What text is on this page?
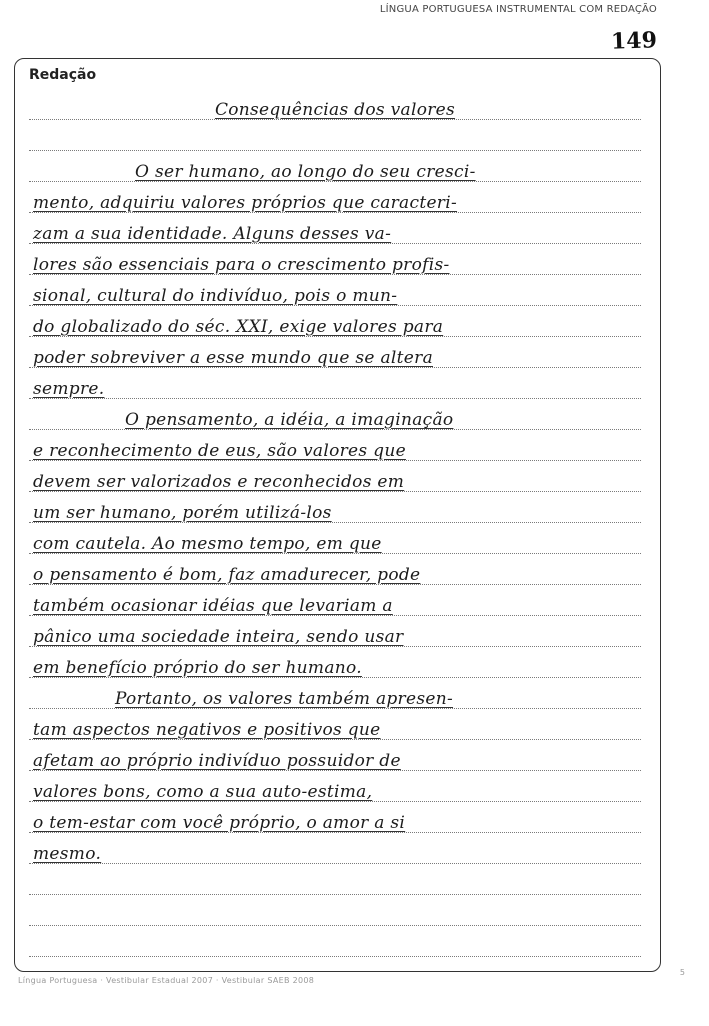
LÍNGUA PORTUGUESA INSTRUMENTAL COM REDAÇÃO
149
Redação
Consequências dos valores
O ser humano, ao longo do seu cresci-
mento, adquiriu valores próprios que caracteri-
zam a sua identidade. Alguns desses va-
lores são essenciais para o crescimento profis-
sional, cultural do indivíduo, pois o mun-
do globalizado do séc. XXI, exige valores para
poder sobreviver a esse mundo que se altera
sempre.
O pensamento, a idéia, a imaginação
e reconhecimento de eus, são valores que
devem ser valorizados e reconhecidos em
um ser humano, porém utilizá-los
com cautela. Ao mesmo tempo, em que
o pensamento é bom, faz amadurecer, pode
também ocasionar idéias que levariam a
pânico uma sociedade inteira, sendo usar
em benefício próprio do ser humano.
Portanto, os valores também apresen-
tam aspectos negativos e positivos que
afetam ao próprio indivíduo possuidor de
valores bons, como a sua auto-estima,
o tem-estar com você próprio, o amor a si
mesmo.
Língua Portuguesa · Vestibular Estadual 2007 · Vestibular SAEB 2008
5
